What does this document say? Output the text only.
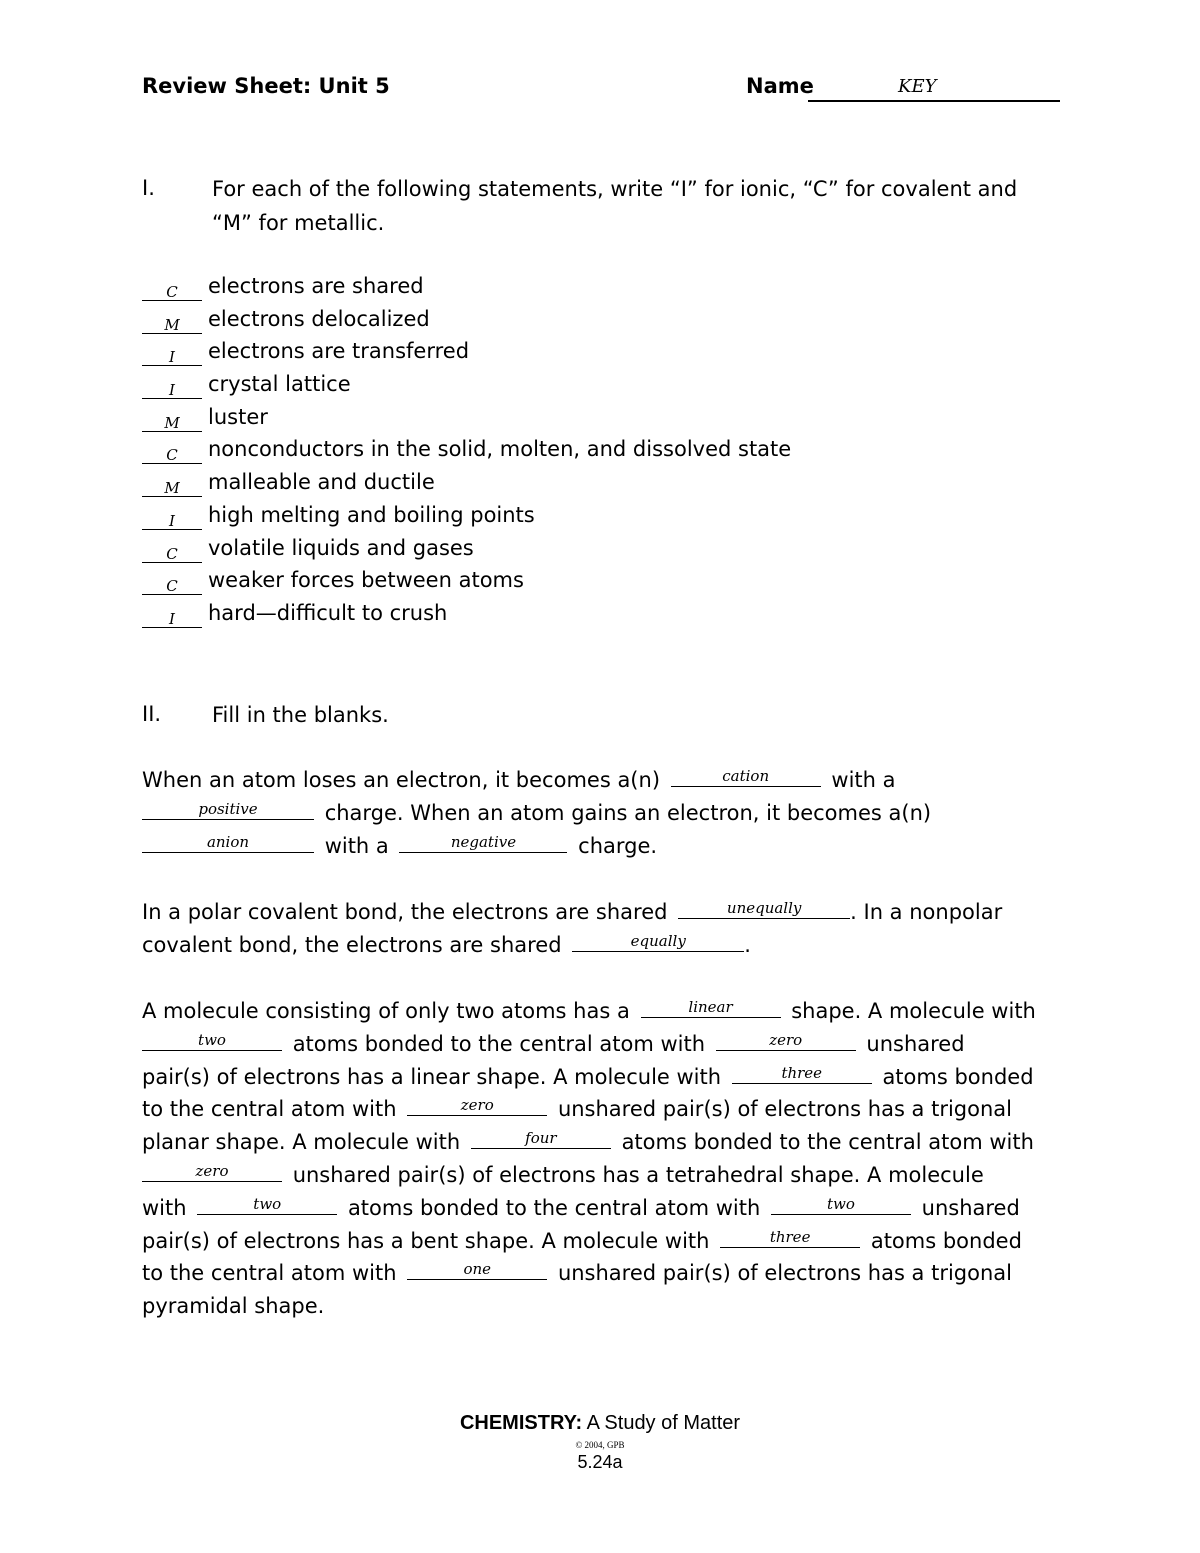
Review Sheet: Unit 5	Name	KEY
I.	For each of the following statements, write “I” for ionic, “C” for covalent and “M” for metallic.
C	electrons are shared
M	electrons delocalized
I	electrons are transferred
I	crystal lattice
M	luster
C	nonconductors in the solid, molten, and dissolved state
M	malleable and ductile
I	high melting and boiling points
C	volatile liquids and gases
C	weaker forces between atoms
I	hard—difficult to crush
II. Fill in the blanks.
When an atom loses an electron, it becomes a(n)	cation	with a
positive	charge. When an atom gains an electron, it becomes a(n)
anion	with a	negative	charge.
In a polar covalent bond, the electrons are shared	unequally	. In a nonpolar
covalent bond, the electrons are shared	equally	.
A molecule consisting of only two atoms has a	linear	shape. A molecule with
two	atoms bonded to the central atom with	zero	unshared
pair(s) of electrons has a linear shape. A molecule with	three	atoms bonded
to the central atom with	zero	unshared pair(s) of electrons has a trigonal
planar shape. A molecule with	four	atoms bonded to the central atom with
zero	unshared pair(s) of electrons has a tetrahedral shape. A molecule
with	two	atoms bonded to the central atom with	two	unshared
pair(s) of electrons has a bent shape. A molecule with	three	atoms bonded
to the central atom with	one	unshared pair(s) of electrons has a trigonal
pyramidal shape.
CHEMISTRY: A Study of Matter
© 2004, GPB
5.24a
